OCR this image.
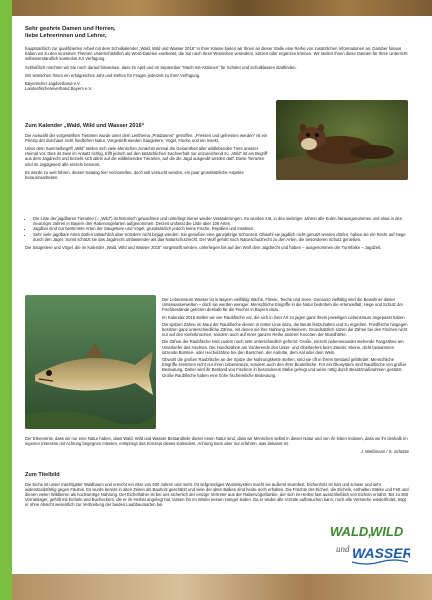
Sehr geehrte Damen und Herren,

liebe Lehrerinnen und Lehrer,

hauptsächlich zur qualifizierten Arbeit mit dem Schulkalender „Wald, Wild und Wasser 2016“ in Ihrer Klasse bieten wir Ihnen an dieser Stelle eine Reihe von zusätzlichen Informationen an. Darüber hinaus haben wir zu den einzelnen Themen Unterrichtshilfen als Word-Dateien erarbeitet, die Sie nach Ihren Wünschen verändern, kürzen oder ergänzen können. Wir stellen Ihnen diese Dateien für Ihren Unterricht selbstverständlich kostenlos zur Verfügung.

Schließlich möchten wir Sie noch darauf hinweisen, dass im April und im September “Mach-mit-Aktionen” für Schüler und Schulklassen stattfinden.

Wir wünschen Ihnen ein erfolgreiches Jahr und stehen für Fragen jederzeit zu Ihrer Verfügung.

Bayerischer Jagdverband e.V.

Landesfischereiverband Bayern e.V.

Zum Kalender „Wald, Wild und Wasser 2016“

Die Auswahl der vorgestellten Tierarten wurde unter dem Leitthema „Prädatoren“ getroffen. „Fressen und gefressen werden“ ist ein Prinzip der durchaus nicht friedlichen Natur. Vorgestellt werden Säugetiere, Vögel, Fische und ein Insekt.

Unter dem Sammelbegriff „Wild“ stellen sich viele Menschen zunächst einmal die Gesamtheit aller wildlebenden Tiere unserer Heimat vor. Dies ist zwar im Ansatz richtig, trifft jedoch auf den tatsächlichen Sachverhalt nur unzureichend zu. „Wild“ ist ein Begriff aus dem Jagdrecht und bezieht sich allein auf die wildlebenden Tierarten, auf die die Jagd ausgeübt werden darf. Diese Tierarten sind im Jagdgesetz alle einzeln benannt.

Es würde zu weit führen, diesen Katalog hier vorzustellen, doch soll versucht werden, ein paar grundsätzliche Aspekte herauszuarbeiten.

• Die Liste der jagdbaren Tierarten (= „Wild“) ist historisch gewachsen und unterliegt immer wieder Veränderungen. So wurden z.B. in den siebziger Jahren alle Eulen herausgenommen und etwa in den neunziger Jahren in Bayern drei Rabenvogelarten aufgenommen. Derzeit umfasst die Liste über 100 Arten.
• Jagdbar sind nur bestimmte Arten der Säugetiere und Vögel, grundsätzlich jedoch keine Fische, Reptilien und Insekten.
• Sehr viele jagdbare Arten dürfen tatsächlich aber trotzdem nicht bejagt werden. Sie genießen eine ganzjährige Schonzeit. Obwohl sie jagdlich nicht genutzt werden dürfen, haben sie ein Recht auf Hege durch den Jäger. Somit schützt sie das Jagdrecht umfassender als das Naturschutzrecht. Der Wolf gehört nach Naturschutzrecht zu den Arten, die besonderen Schutz genießen.

Die Säugetiere und Vögel, die im Kalender „Wald, Wild und Wasser 2016“ vorgestellt werden, unterliegen bis auf den Wolf dem Jagdrecht und haben – ausgenommen der Turmfalke – Jagdzeit.

Der Lebensraum Wasser ist in Bayern vielfältig: Bäche, Flüsse, Teiche und Seen. Genauso vielfältig sind die Bewohner dieser Unterwasserwelten – doch sie werden weniger. Menschliche Eingriffe in die Natur bedrohen die Artenvielfalt, Hege und Schutz der Fischbestände gehören deshalb für die Fischer in Bayern dazu.

Im Kalender 2016 stellen wir vier Raubfische vor, die sich in ihrer Art zu jagen ganz ihrem jeweiligen Lebensraum angepasst haben.

Die spitzen Zähne im Maul der Raubfische dienen in erster Linie dazu, die Beute festzuhalten und zu ergreifen. Friedfische hingegen besitzen ganz unterschiedliche Zähne, mit denen sie ihre Nahrung zerkleinern. Grundsätzlich sitzen die Zähne bei den Fischen nicht nur auf den Kieferknochen, sondern auch auf einer ganzen Reihe anderer Knochen der Mundhöhle.

Die Zähne der Raubfische sind zudem noch sehr unterschiedlich geformt: Große, einzeln nebeneinander stehende Fangzähne am Unterkiefer des Hechtes. Die Hundszähne am Vorderende des Unter- und Oberkiefers beim Zander. Kleine, dicht beisammen sitzende Bürsten- oder Hechelzähne bei den Barschen, der Aalrutte, dem Aal oder dem Wels.

Obwohl die großen Raubfische an der Spitze der Nahrungskette stehen, sind sie oft in ihrem Bestand gefährdet. Menschliche Eingriffe zerstören nicht nur ihren Lebensraum, sondern auch den ihrer Beutefische. Für ein Ökosystem sind Raubfische von großer Bedeutung. Daher wird ihr Bestand von Fischern in besonderem Maße gehegt und wenn nötig durch Besatzmaßnahmen gestützt. Große Raubfische haben eine hohe fischereiliche Bedeutung.

Der Erkenntnis, dass wir nur eine Natur haben, dass Wald, Wild und Wasser Bestandteile dieser einen Natur sind, dass wir Menschen selbst in dieser Natur und von ihr leben müssen, dass wir ihr deshalb im eigenen Interesse mit Achtung begegnen müssen, entspringt das Konzept dieses Kalenders. Achtung kann aber nur erfahren, was bekannt ist.

J. Weißmann / S. Schütze

Zum Titelbild

Die Eiche ist unser mächtigster Waldbaum und erreicht ein Alter von 500 Jahren und mehr. Ihr tiefgründiges Wurzelsystem macht sie äußerst sturmfest. Eichenholz ist hart und schwer und sehr widerstandsfähig gegen Fäulnis. Es wurde bereits in alten Zeiten als Bauholz geschätzt und viele der alten Balken sind heute noch erhalten. Die Früchte der Eichen, die Eicheln, enthalten Stärke und Fett und dienen vielen Wildtieren als hochwertige Nahrung. Der Eichelhäher ist bei uns sicherlich der einzige Vertreter aus der Rabenvogelfamilie, der sich im Herbst fast ausschließlich von Eicheln ernährt. Bis zu 300 Vorratslager, gefüllt mit Eicheln und Bucheckern, die er im Herbst angelegt hat, lassen ihn im Winter keinen Hunger leiden. Da er weder alle Vorräte aufbrauchen kann, noch alle Verstecke wiederfindet, trägt er ohne Absicht wesentlich zur Verbreitung der beiden Laubbaumarten bei.

WALD,
WILD
und WASSER
